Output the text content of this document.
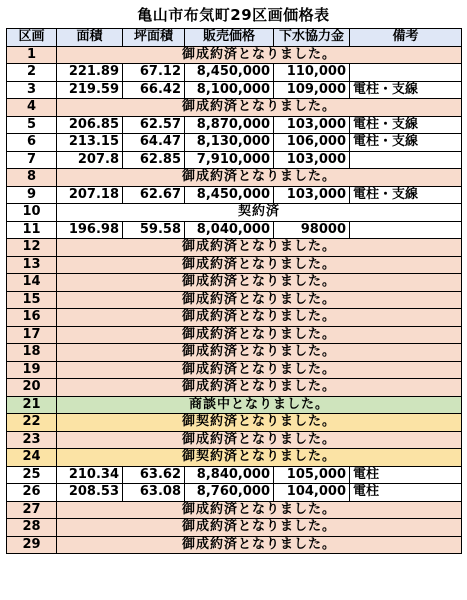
亀山市布気町29区画価格表
区画	面積	坪面積	販売価格	下水協力金	備考
1	御成約済となりました。				
2	221.89	67.12	8,450,000	110,000	
3	219.59	66.42	8,100,000	109,000	電柱・支線
4	御成約済となりました。				
5	206.85	62.57	8,870,000	103,000	電柱・支線
6	213.15	64.47	8,130,000	106,000	電柱・支線
7	207.8	62.85	7,910,000	103,000	
8	御成約済となりました。				
9	207.18	62.67	8,450,000	103,000	電柱・支線
10	契約済				
11	196.98	59.58	8,040,000	98000	
12	御成約済となりました。				
13	御成約済となりました。				
14	御成約済となりました。				
15	御成約済となりました。				
16	御成約済となりました。				
17	御成約済となりました。				
18	御成約済となりました。				
19	御成約済となりました。				
20	御成約済となりました。				
21	商談中となりました。				
22	御契約済となりました。				
23	御成約済となりました。				
24	御契約済となりました。				
25	210.34	63.62	8,840,000	105,000	電柱
26	208.53	63.08	8,760,000	104,000	電柱
27	御成約済となりました。				
28	御成約済となりました。				
29	御成約済となりました。				
